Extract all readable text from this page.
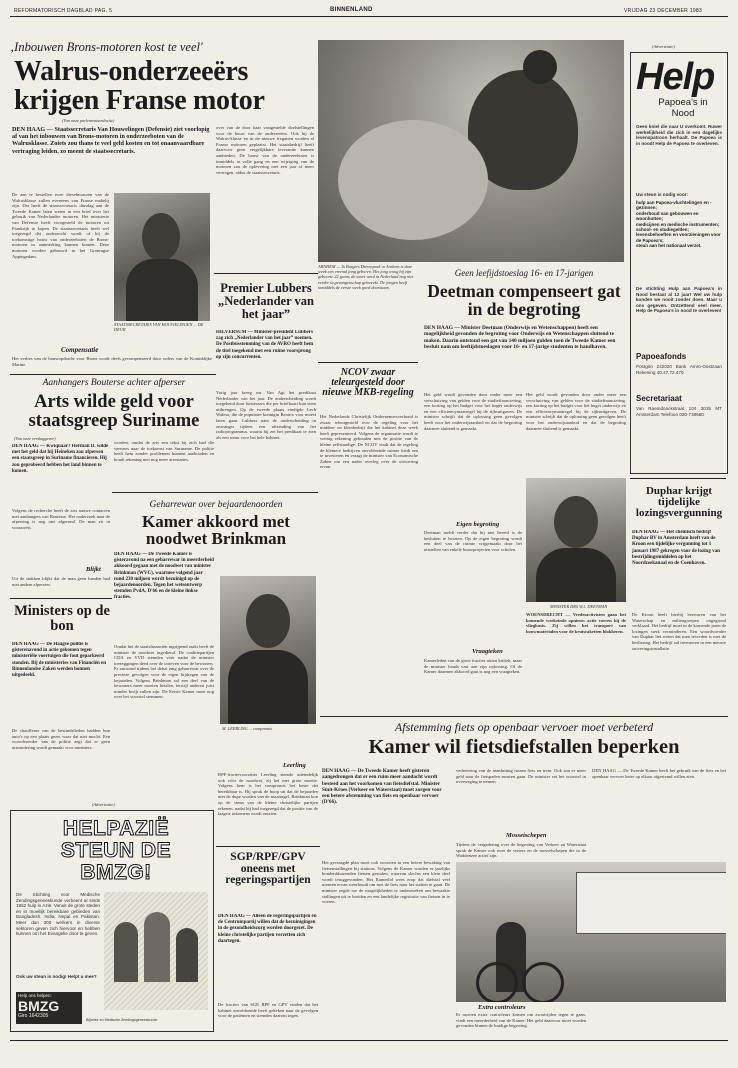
REFORMATORISCH DAGBLAD PAG. 5	BINNENLAND	VRIJDAG 23 DECEMBER 1983
‚Inbouwen Brons-motoren kost te veel'
Walrus-onderzeeërs krijgen Franse motor
(Van onze parlementsredactie)
DEN HAAG — Staatssecretaris Van Houwelingen (Defensie) ziet voorlopig af van het inbouwen van Brons-motoren in onderzeeboten van de Walrusklasse. Zoiets zou thans te veel geld kosten en tot onaanvaardbare vertraging leiden, zo meent de staatssecretaris.
De aan te bestellen twee dieselmotoren van de Walrusklasse zullen eveneens van Franse makelij zijn. Dat heeft de staatssecretaris dinsdag aan de Tweede Kamer laten weten in een brief over het gebruik van Nederlandse motoren. Het ministerie van Defensie heeft voorgesteld de motoren uit Frankrijk te kopen. De staatssecretaris heeft wel toegezegd dat onderzocht wordt of bij de toekomstige bouw van onderzeeboten de Brons-motoren in aanmerking kunnen komen. Deze motoren worden gebouwd in het Groningse Appingedam.
STAATSSECRETARIS VAN HOUWELINGEN ... DE DEUR
Compensatie
Het verlies van de bouwopdracht voor Brons wordt deels gecompenseerd door orders van de Koninklijke Marine.
over van de door haar vastgestelde doelstellingen voor de bouw van de onderzeeërs. Ook bij de Walrus-klasse en in de nieuwe fregatten worden al Franse motoren geplaatst. Het staatsbedrijf heeft daarvoor geen vergelijkbare leverantie kunnen aanbieden. De bouw van de onderzeeboten is inmiddels in volle gang en een wijziging van de motoren zou de oplevering met een jaar of meer vertragen, aldus de staatssecretaris.
Premier Lubbers „Nederlander van het jaar”
HILVERSUM — Minister-president Lubbers zag zich „Nederlander van het jaar” noemen. De Postbusstemming van de AVRO heeft hem de titel toegekend met een ruime voorsprong op zijn concurrenten.
Vorig jaar kreeg mr. Van Agt het predikaat Nederlander van het jaar. De onderscheiding wordt toegekend door luisteraars die per briefkaart hun stem uitbrengen. Op de tweede plaats eindigde Lech Walesa, die de populaire koningin Beatrix voor moest laten gaan. Lubbers nam de onderscheiding in ontvangst tijdens een uitzending van het radioprogramma, waarin hij zei het predikaat te zien als een steun voor het hele kabinet.
ARNHEM — In Burgers Dierenpark in Arnhem is deze week een vreemd jong geboren. Het jong woog bij zijn geboorte 22 gram; de soort werd in Nederland nog niet eerder in gevangenschap gekweekt. De jongen heeft inmiddels de eerste week goed doorstaan.
NCOV zwaar teleurgesteld door nieuwe MKB-regeling
Het Nederlands Christelijk Ondernemersverbond is zwaar teleurgesteld over de regeling voor het midden- en kleinbedrijf die het kabinet deze week heeft gepresenteerd. Volgens de organisatie wordt te weinig rekening gehouden met de positie van de kleine zelfstandige. De NCOV vindt dat de regeling de kleinere bedrijven onvoldoende ruimte biedt om te investeren en vraagt de minister van Economische Zaken om een nader overleg over de uitvoering ervan.
Geen leefijdstoeslag 16- en 17-jarigen
Deetman compenseert gat in de begroting
DEN HAAG — Minister Deetman (Onderwijs en Wetenschappen) heeft een mogelijkheid gevonden de begroting voor Onderwijs en Wetenschappen sluitend te maken. Daarin ontstond een gat van 140 miljoen gulden toen de Tweede Kamer een besluit nam om leeftijdstoeslagen voor 16- en 17-jarige studenten te handhaven.
Het geld wordt gevonden door onder meer een verschuiving van gelden voor de studiefinanciering, een korting op het budget voor het hoger onderwijs en een efficiencymaatregel bij de rijksuitgaven. De minister schrijft dat de oplossing geen gevolgen heeft voor het onderwijsaanbod en dat de begroting daarmee sluitend is gemaakt.
Eigen begroting
Deetman meldt verder dat hij niet bereid is de besluiten te herzien. Op de eigen begroting wordt een deel van de ruimte vrijgemaakt door het uitstellen van enkele bouwprojecten voor scholen.
Vraagteken
Kamerleden van de grote fracties uitten kritiek, maar de minister houdt vast aan zijn oplossing. Of de Kamer daarmee akkoord gaat is nog een vraagteken.
MINISTER DRS W.J. DEETMAN
WOENSDRECHT — Vredesactivisten gaan het komende weekeinde opnieuw actie voeren bij de vliegbasis. Zij willen het transport van bouwmaterialen voor de kruisraketten blokkeren.
Het geld wordt gevonden door onder meer een verschuiving van gelden voor de studiefinanciering, een korting op het budget voor het hoger onderwijs en een efficiencymaatregel bij de rijksuitgaven. De minister schrijft dat de oplossing geen gevolgen heeft voor het onderwijsaanbod en dat de begroting daarmee sluitend is gemaakt.
(Advertentie)
Help
Papoea's in Nood
Geen kniel die naar U overkomt. Ruwer werkelijkheid die zich in een dagelijks levenspatroon herhaalt. De Papoea is in nood! Help de Papoea te overleven.
Uw steun is nodig voor:
hulp aan Papoea-vluchtelingen en -gezinnen;
onderhoud van gebouwen en woonhutten;
medicijnen en medische instrumenten;
school- en studiegelden;
levensbehoeften en voorzieningen voor de Papoea's;
steun aan het nationaal verzet.
De stichting Hulp aan Papoea's in Nood bestaat al 12 jaar! Wel uw hulp konden we nooit zonder doen. Maar u ons gegeven. Ontzettend veel meer. Help de Papoea's in nood te overleven!
Papoeafonds
Postgiro 242020 Bank Amro-Oostzaan Rekening 40.47.72.470
Secretariaat
Van Raemdonckstraat 104 3015 MT Amsterdam Telefoon 020-738680
Duphar krijgt tijdelijke lozingsvergunning
DEN HAAG — Het chemisch bedrijf Duphar BV in Amsterdam heeft van de Kroon een tijdelijke vergunning tot 1 januari 1987 gekregen voor de lozing van bestrijdingsmiddelen op het Noordzeekanaal en de Coenhaven.
De Kroon heeft hierbij bezwaren van het Waterschap en milieugroepen ongegrond verklaard. Het bedrijf moet in de komende jaren de lozingen sterk verminderen. Een woordvoerder van Duphar liet weten dat men tevreden is met de beslissing. Het bedrijf zal investeren in een nieuwe zuiveringsinstallatie.
Aanhangers Bouterse achter afperser
Arts wilde geld voor staatsgreep Suriname
(Van onze verslaggever)
DEN HAAG — Kwiquaar? Herman D. wilde met het geld dat hij Heineken zou afpersen een staatsgreep in Suriname financieren. Hij zou geprobeerd hebben het land binnen te komen.
Volgens de recherche heeft de arts nauwe contacten met aanhangers van Bouterse. Het onderzoek naar de afpersing is nog niet afgerond. De man zit in voorarrest.
Blijkt
Uit de stukken blijkt dat de man geen banden had met andere afpersers.
worden, omdat de arts een tekst bij zich had die verwees naar de toekomst van Suriname. De politie heeft hem zonder problemen kunnen aanhouden en houdt rekening met nog meer arrestaties.
Geharrewar over bejaardenoorden
Kamer akkoord met noodwet Brinkman
DEN HAAG — De Tweede Kamer is gisteravond na een geharrewar in meerderheid akkoord gegaan met de noodwet van minister Brinkman (WVC), waarmee volgend jaar rond 230 miljoen wordt bezuinigd op de bejaardenoorden. Tegen het wetsontwerp stemden PvdA, D'66 en de kleine linkse fracties.
Omdat het de staatsfinanciën ingrijpend raakt heeft de minister de noodwet ingediend. De coalitiepartijen CDA en VVD stemden vóór nadat de minister toezeggingen deed over de tarieven voor de bewoners. Er ontstond tijdens het debat enig geharrewar over de precieze gevolgen voor de eigen bijdragen van de bejaarden. Volgens Brinkman zal een deel van de bewoners meer moeten betalen, terwijl anderen juist minder kwijt zullen zijn. De Eerste Kamer moet nog over het voorstel stemmen.
M. LEERLING ... compromis
Leerling
RPF-fractievoorzitter Leerling stemde uiteindelijk ook vóór de noodwet, zij het met grote moeite. Volgens hem is het compromis het beste dat bereikbaar is. Hij sprak de hoop uit dat de bejaarden niet de dupe worden van de maatregel. Brinkman kon op de steun van de kleine christelijke partijen rekenen, nadat hij had toegezegd dat de positie van de laagste inkomens wordt ontzien.
Ministers op de bon
DEN HAAG — De Haagse politie is gisterenavond in actie gekomen tegen ministeriële voertuigen die fout geparkeerd stonden. Bij de ministeries van Financiën en Binnenlandse Zaken werden bonnen uitgedeeld.
De chauffeurs van de bewindslieden hadden hun auto's op een plaats gezet waar dat niet mocht. Een woordvoerder van de politie zegt dat er geen uitzondering wordt gemaakt voor ministers.
(Advertentie)
HELPAZIË STEUN DE BMZG!
De Stichting voor Medische Zendingsgeneeskunde verbeent al sinds 1952 hulp in Azië. Vanuit de grote steden en in moeilijk bereikbare gebieden van Bangladesh, India, Nepal en Pakistan. Meer dan 300 werkers in diverse sektoren geven zich hiervoor en hebben kunnen om het Evangelie door te geven.
Ook uw steun is nodig! Helpt u mee?
Help ons helpen:
BMZG
Giro 1642305
Bijbelse en Medische Zendingsgeneeskunde
SGP/RPF/GPV oneens met regeringspartijen
DEN HAAG — Alleen de regeringspartijen en de Centrumpartij willen dat de bezuinigingen in de gezondheidszorg worden doorgezet. De kleine christelijke partijen verzetten zich daartegen.
De fracties van SGP, RPF en GPV vinden dat het kabinet onvoldoende heeft gekeken naar de gevolgen voor de patiënten en stemden daarom tegen.
Afstemming fiets op openbaar vervoer moet verbeterd
Kamer wil fietsdiefstallen beperken
DEN HAAG — De Tweede Kamer heeft gisteren aangedrongen dat er een ruim meer aandacht wordt besteed aan het voorkomen van fietsdiefstal. Minister Smit-Kroes (Verkeer en Waterstaat) moet zorgen voor een betere afstemming van fiets en openbaar vervoer (D'66).
Het gevraagde plan moet ook voorzien in een betere bewaking van fietsenstallingen bij stations. Volgens de Kamer worden er jaarlijks honderdduizenden fietsen gestolen, waarvan slechts een klein deel wordt teruggevonden. Het Kamerlid wees erop dat diefstal veel mensen ervan weerhoudt om met de fiets naar het station te gaan. De minister zegde toe de mogelijkheden te onderzoeken om bewaakte stallingen uit te breiden en een landelijke registratie van fietsen in te voeren.
verbetering van de aansluiting tussen fiets en trein. Ook zou er meer geld naar de fietspaden moeten gaan. De minister zei het voorstel in overweging te nemen.
Mosseischepen
Tijdens de vergadering over de begroting van Verkeer en Waterstaat sprak de Kamer ook over de vissers en de mosselschepen die in de Waddenzee actief zijn.
Extra controleurs
Er moeten extra controleurs komen om zwartrijden tegen te gaan, vindt een meerderheid van de Kamer. Het geld daarvoor moet worden gevonden binnen de huidige begroting.
DEN HAAG — De Tweede Kamer heeft het gebruik van de fiets en het openbaar vervoer beter op elkaar afgestemd willen zien.
